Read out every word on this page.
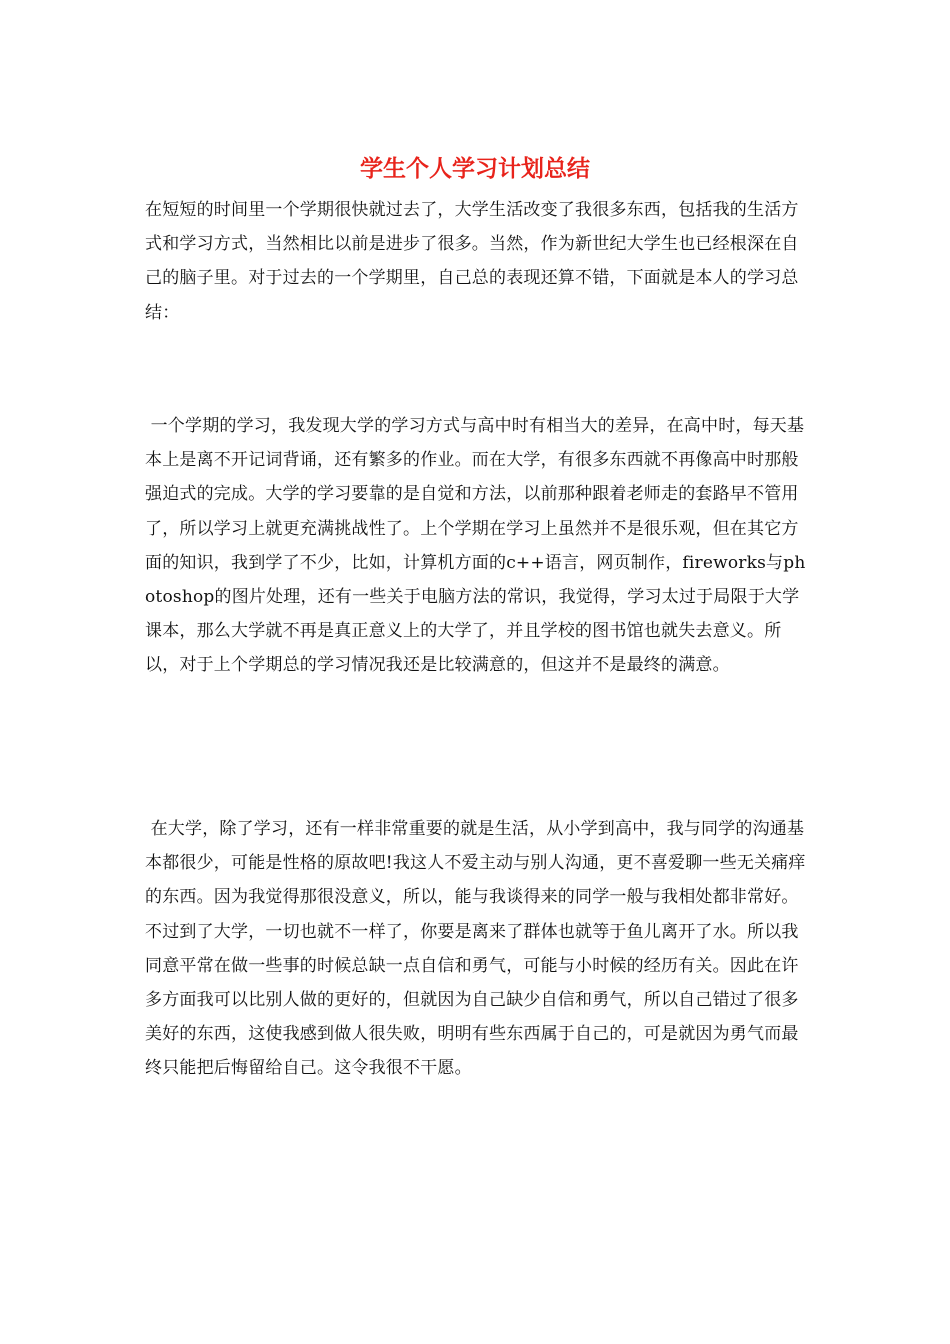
学生个人学习计划总结

在短短的时间里一个学期很快就过去了，大学生活改变了我很多东西，包括我的生活方式和学习方式，当然相比以前是进步了很多。当然，作为新世纪大学生也已经根深在自己的脑子里。对于过去的一个学期里，自己总的表现还算不错，下面就是本人的学习总结：

一个学期的学习，我发现大学的学习方式与高中时有相当大的差异，在高中时，每天基本上是离不开记词背诵，还有繁多的作业。而在大学，有很多东西就不再像高中时那般强迫式的完成。大学的学习要靠的是自觉和方法，以前那种跟着老师走的套路早不管用了，所以学习上就更充满挑战性了。上个学期在学习上虽然并不是很乐观，但在其它方面的知识，我到学了不少，比如，计算机方面的c++语言，网页制作，fireworks与photoshop的图片处理，还有一些关于电脑方法的常识，我觉得，学习太过于局限于大学课本，那么大学就不再是真正意义上的大学了，并且学校的图书馆也就失去意义。所以，对于上个学期总的学习情况我还是比较满意的，但这并不是最终的满意。

在大学，除了学习，还有一样非常重要的就是生活，从小学到高中，我与同学的沟通基本都很少，可能是性格的原故吧!我这人不爱主动与别人沟通，更不喜爱聊一些无关痛痒的东西。因为我觉得那很没意义，所以，能与我谈得来的同学一般与我相处都非常好。不过到了大学，一切也就不一样了，你要是离来了群体也就等于鱼儿离开了水。所以我同意平常在做一些事的时候总缺一点自信和勇气，可能与小时候的经历有关。因此在许多方面我可以比别人做的更好的，但就因为自己缺少自信和勇气，所以自己错过了很多美好的东西，这使我感到做人很失败，明明有些东西属于自己的，可是就因为勇气而最终只能把后悔留给自己。这令我很不干愿。
